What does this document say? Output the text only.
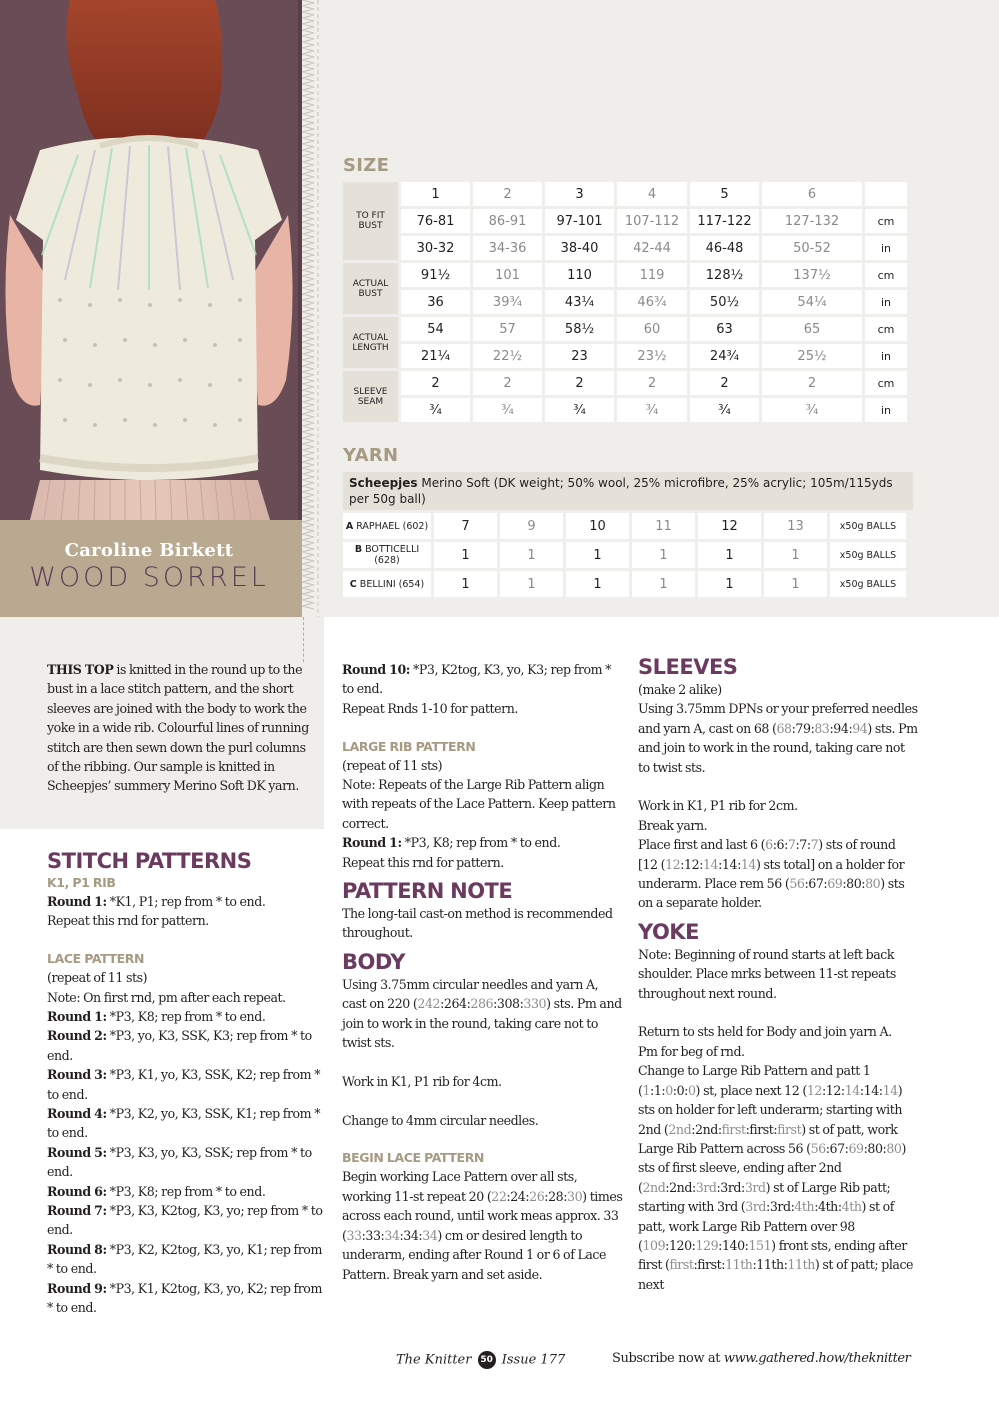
Caroline Birkett
WOOD SORREL
SIZE
TO FIT BUST	1	2	3	4	5	6	
	76-81	86-91	97-101	107-112	117-122	127-132	cm
	30-32	34-36	38-40	42-44	46-48	50-52	in
ACTUAL BUST	91½	101	110	119	128½	137½	cm
	36	39¾	43¼	46¾	50½	54¼	in
ACTUAL LENGTH	54	57	58½	60	63	65	cm
	21¼	22½	23	23½	24¾	25½	in
SLEEVE SEAM	2	2	2	2	2	2	cm
	¾	¾	¾	¾	¾	¾	in
YARN
Scheepjes Merino Soft (DK weight; 50% wool, 25% microfibre, 25% acrylic; 105m/115yds per 50g ball)
A RAPHAEL (602)	7	9	10	11	12	13	x50g BALLS
B BOTTICELLI (628)	1	1	1	1	1	1	x50g BALLS
C BELLINI (654)	1	1	1	1	1	1	x50g BALLS

THIS TOP is knitted in the round up to the bust in a lace stitch pattern, and the short sleeves are joined with the body to work the yoke in a wide rib. Colourful lines of running stitch are then sewn down the purl columns of the ribbing. Our sample is knitted in Scheepjes’ summery Merino Soft DK yarn.

STITCH PATTERNS
K1, P1 RIB

Round 1: *K1, P1; rep from * to end.

Repeat this rnd for pattern.

LACE PATTERN

(repeat of 11 sts)

Note: On first rnd, pm after each repeat.

Round 1: *P3, K8; rep from * to end.

Round 2: *P3, yo, K3, SSK, K3; rep from * to end.

Round 3: *P3, K1, yo, K3, SSK, K2; rep from * to end.

Round 4: *P3, K2, yo, K3, SSK, K1; rep from * to end.

Round 5: *P3, K3, yo, K3, SSK; rep from * to end.

Round 6: *P3, K8; rep from * to end.

Round 7: *P3, K3, K2tog, K3, yo; rep from * to end.

Round 8: *P3, K2, K2tog, K3, yo, K1; rep from * to end.

Round 9: *P3, K1, K2tog, K3, yo, K2; rep from * to end.

Round 10: *P3, K2tog, K3, yo, K3; rep from * to end.

Repeat Rnds 1-10 for pattern.

LARGE RIB PATTERN

(repeat of 11 sts)

Note: Repeats of the Large Rib Pattern align with repeats of the Lace Pattern. Keep pattern correct.

Round 1: *P3, K8; rep from * to end.

Repeat this rnd for pattern.

PATTERN NOTE

The long-tail cast-on method is recommended throughout.

BODY

Using 3.75mm circular needles and yarn A, cast on 220 (242:264:286:308:330) sts. Pm and join to work in the round, taking care not to twist sts.

Work in K1, P1 rib for 4cm.

Change to 4mm circular needles.

BEGIN LACE PATTERN

Begin working Lace Pattern over all sts, working 11-st repeat 20 (22:24:26:28:30) times across each round, until work meas approx. 33 (33:33:34:34:34) cm or desired length to underarm, ending after Round 1 or 6 of Lace Pattern. Break yarn and set aside.

SLEEVES

(make 2 alike)

Using 3.75mm DPNs or your preferred needles and yarn A, cast on 68 (68:79:83:94:94) sts. Pm and join to work in the round, taking care not to twist sts.

Work in K1, P1 rib for 2cm.

Break yarn.

Place first and last 6 (6:6:7:7:7) sts of round [12 (12:12:14:14:14) sts total] on a holder for underarm. Place rem 56 (56:67:69:80:80) sts on a separate holder.

YOKE

Note: Beginning of round starts at left back shoulder. Place mrks between 11-st repeats throughout next round.

Return to sts held for Body and join yarn A.

Pm for beg of rnd.

Change to Large Rib Pattern and patt 1 (1:1:0:0:0) st, place next 12 (12:12:14:14:14) sts on holder for left underarm; starting with 2nd (2nd:2nd:first:first:first) st of patt, work Large Rib Pattern across 56 (56:67:69:80:80) sts of first sleeve, ending after 2nd (2nd:2nd:3rd:3rd:3rd) st of Large Rib patt; starting with 3rd (3rd:3rd:4th:4th:4th) st of patt, work Large Rib Pattern over 98 (109:120:129:140:151) front sts, ending after first (first:first:11th:11th:11th) st of patt; place next

The Knitter 50 Issue 177	Subscribe now at www.gathered.how/theknitter
